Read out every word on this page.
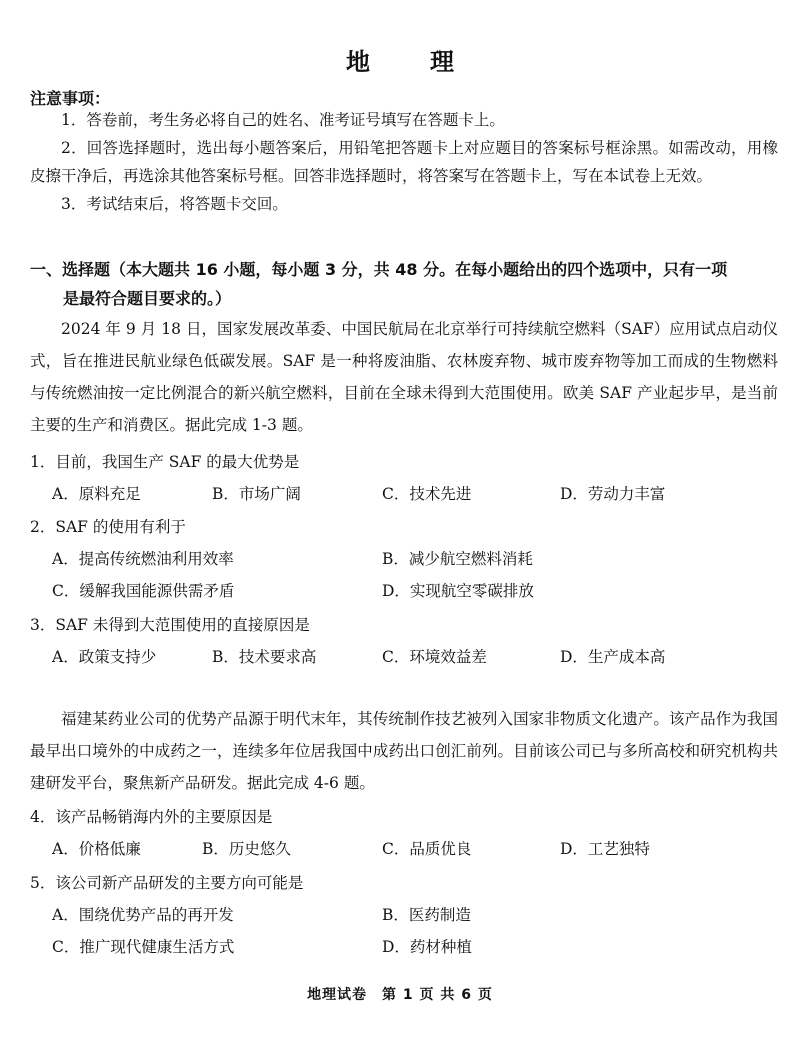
地　理
注意事项：

1．答卷前，考生务必将自己的姓名、准考证号填写在答题卡上。

2．回答选择题时，选出每小题答案后，用铅笔把答题卡上对应题目的答案标号框涂黑。如需改动，用橡皮擦干净后，再选涂其他答案标号框。回答非选择题时，将答案写在答题卡上，写在本试卷上无效。

3．考试结束后，将答题卡交回。

一、选择题（本大题共 16 小题，每小题 3 分，共 48 分。在每小题给出的四个选项中，只有一项
是最符合题目要求的。）

2024 年 9 月 18 日，国家发展改革委、中国民航局在北京举行可持续航空燃料（SAF）应用试点启动仪式，旨在推进民航业绿色低碳发展。SAF 是一种将废油脂、农林废弃物、城市废弃物等加工而成的生物燃料与传统燃油按一定比例混合的新兴航空燃料，目前在全球未得到大范围使用。欧美 SAF 产业起步早，是当前主要的生产和消费区。据此完成 1-3 题。

1．目前，我国生产 SAF 的最大优势是
A．原料充足	B．市场广阔	C．技术先进	D．劳动力丰富
2．SAF 的使用有利于
A．提高传统燃油利用效率	B．减少航空燃料消耗
C．缓解我国能源供需矛盾	D．实现航空零碳排放
3．SAF 未得到大范围使用的直接原因是
A．政策支持少	B．技术要求高	C．环境效益差	D．生产成本高

福建某药业公司的优势产品源于明代末年，其传统制作技艺被列入国家非物质文化遗产。该产品作为我国最早出口境外的中成药之一，连续多年位居我国中成药出口创汇前列。目前该公司已与多所高校和研究机构共建研发平台，聚焦新产品研发。据此完成 4-6 题。

4．该产品畅销海内外的主要原因是
A．价格低廉	B．历史悠久	C．品质优良	D．工艺独特
5．该公司新产品研发的主要方向可能是
A．围绕优势产品的再开发	B．医药制造
C．推广现代健康生活方式	D．药材种植
地理试卷　第 1 页 共 6 页
